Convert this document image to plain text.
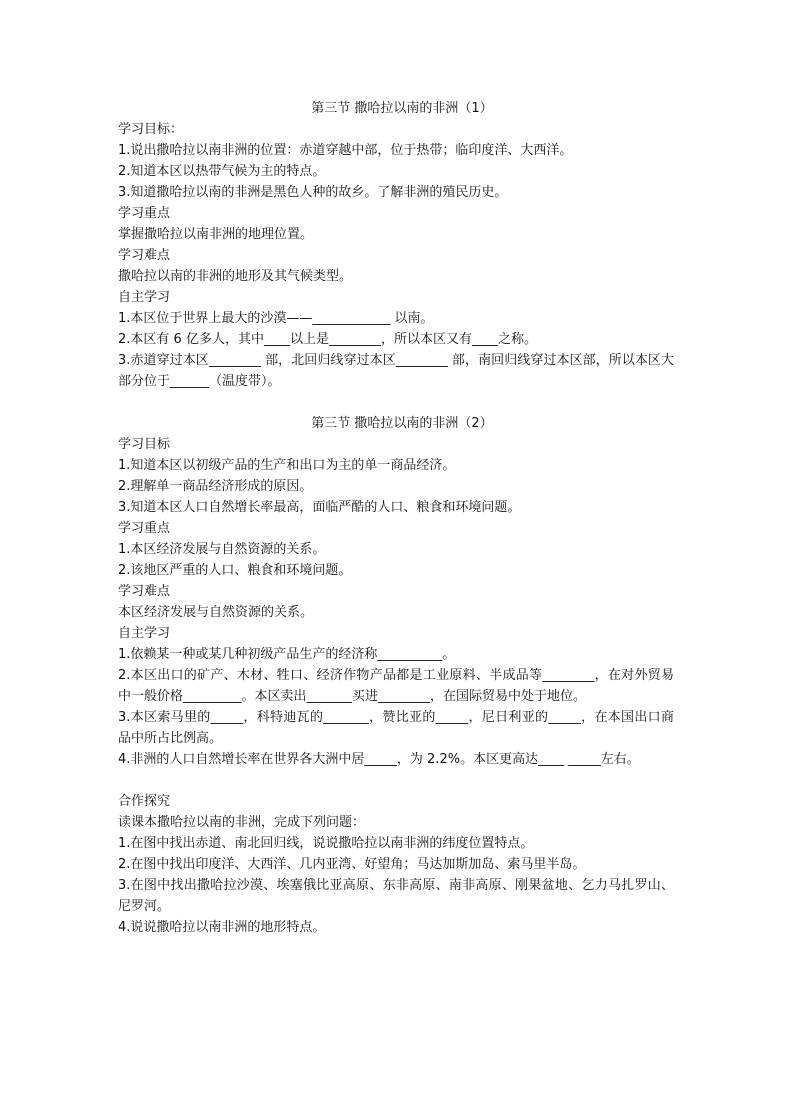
第三节 撒哈拉以南的非洲（1）

学习目标：

1.说出撒哈拉以南非洲的位置：赤道穿越中部，位于热带；临印度洋、大西洋。

2.知道本区以热带气候为主的特点。

3.知道撒哈拉以南的非洲是黑色人种的故乡。了解非洲的殖民历史。

学习重点

掌握撒哈拉以南非洲的地理位置。

学习难点

撒哈拉以南的非洲的地形及其气候类型。

自主学习

1.本区位于世界上最大的沙漠——____________ 以南。

2.本区有 6 亿多人，其中____以上是________，所以本区又有____之称。

3.赤道穿过本区________ 部，北回归线穿过本区________ 部，南回归线穿过本区部，所以本区大部分位于______（温度带）。

第三节 撒哈拉以南的非洲（2）

学习目标

1.知道本区以初级产品的生产和出口为主的单一商品经济。

2.理解单一商品经济形成的原因。

3.知道本区人口自然增长率最高，面临严酷的人口、粮食和环境问题。

学习重点

1.本区经济发展与自然资源的关系。

2.该地区严重的人口、粮食和环境问题。

学习难点

本区经济发展与自然资源的关系。

自主学习

1.依赖某一种或某几种初级产品生产的经济称__________。

2.本区出口的矿产、木材、牲口、经济作物产品都是工业原料、半成品等________，在对外贸易中一般价格_________。本区卖出_______买进________，在国际贸易中处于地位。

3.本区索马里的_____，科特迪瓦的_______，赞比亚的_____，尼日利亚的_____，在本国出口商品中所占比例高。

4.非洲的人口自然增长率在世界各大洲中居_____，为 2.2%。本区更高达____ _____左右。

合作探究

读课本撒哈拉以南的非洲，完成下列问题：

1.在图中找出赤道、南北回归线，说说撒哈拉以南非洲的纬度位置特点。

2.在图中找出印度洋、大西洋、几内亚湾、好望角；马达加斯加岛、索马里半岛。

3.在图中找出撒哈拉沙漠、埃塞俄比亚高原、东非高原、南非高原、刚果盆地、乞力马扎罗山、尼罗河。

4.说说撒哈拉以南非洲的地形特点。
